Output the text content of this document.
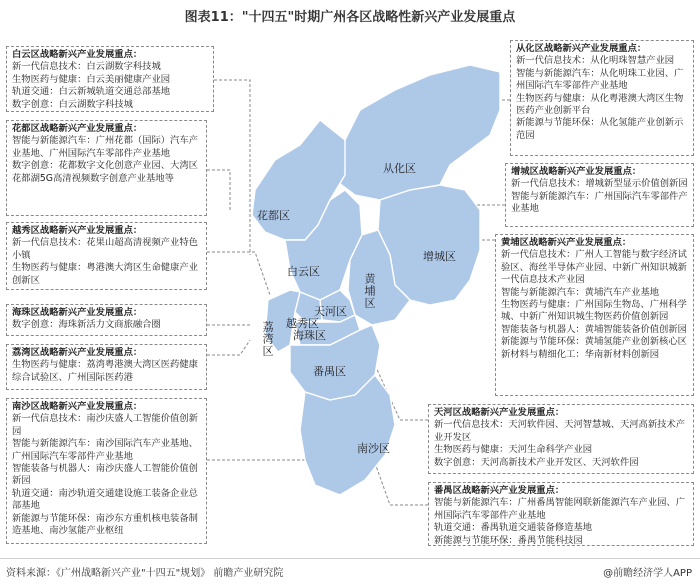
图表11："十四五"时期广州各区战略性新兴产业发展重点
从化区
花都区
白云区
增城区
黄埔区
天河区
越秀区
荔湾区 海珠区
番禺区
南沙区
白云区战略新兴产业发展重点：
新一代信息技术：白云湖数字科技城
生物医药与健康：白云美丽健康产业园
轨道交通：白云新城轨道交通总部基地
数字创意：白云湖数字科技城
花都区战略新兴产业发展重点：
智能与新能源汽车：广州花都（国际）汽车产业基地、广州国际汽车零部件产业基地
数字创意：花都数字文化创意产业园、大湾区花都湖5G高清视频数字创意产业基地等
越秀区战略新兴产业发展重点：
新一代信息技术：花果山超高清视频产业特色小镇
生物医药与健康：粤港澳大湾区生命健康产业创新区
海珠区战略新兴产业发展重点：
数字创意：海珠新活力文商旅融合圈
荔湾区战略新兴产业发展重点：
生物医药与健康：荔湾粤港澳大湾区医药健康综合试验区、广州国际医药港
南沙区战略新兴产业发展重点：
新一代信息技术：南沙庆盛人工智能价值创新园
智能与新能源汽车：南沙国际汽车产业基地、广州国际汽车零部件产业基地
智能装备与机器人：南沙庆盛人工智能价值创新园
轨道交通：南沙轨道交通建设施工装备企业总部基地
新能源与节能环保：南沙东方重机核电装备制造基地、南沙氢能产业枢纽
从化区战略新兴产业发展重点：
新一代信息技术：从化明珠智慧产业园
智能与新能源汽车：从化明珠工业园、广州国际汽车零部件产业基地
生物医药与健康：从化粤港澳大湾区生物医药产业创新平台
新能源与节能环保：从化氢能产业创新示范园
增城区战略新兴产业发展重点：
新一代信息技术：增城新型显示价值创新园
智能与新能源汽车：广州国际汽车零部件产业基地
黄埔区战略新兴产业发展重点：
新一代信息技术：广州人工智能与数字经济试验区、海丝半导体产业园、中新广州知识城新一代信息技术产业园
智能与新能源汽车：黄埔汽车产业基地
生物医药与健康：广州国际生物岛、广州科学城、中新广州知识城生物医药价值创新园
智能装备与机器人：黄埔智能装备价值创新园
新能源与节能环保：黄埔氢能产业创新核心区
新材料与精细化工：华南新材料创新园
天河区战略新兴产业发展重点：
新一代信息技术：天河软件园、天河智慧城、天河高新技术产业开发区
生物医药与健康：天河生命科学产业园
数字创意：天河高新技术产业开发区、天河软件园
番禺区战略新兴产业发展重点：
智能与新能源汽车：广州番禺智能网联新能源汽车产业园、广州国际汽车零部件产业基地
轨道交通：番禺轨道交通装备修造基地
新能源与节能环保：番禺节能科技园
资料来源：《广州战略新兴产业"十四五"规划》 前瞻产业研究院	@前瞻经济学人APP
